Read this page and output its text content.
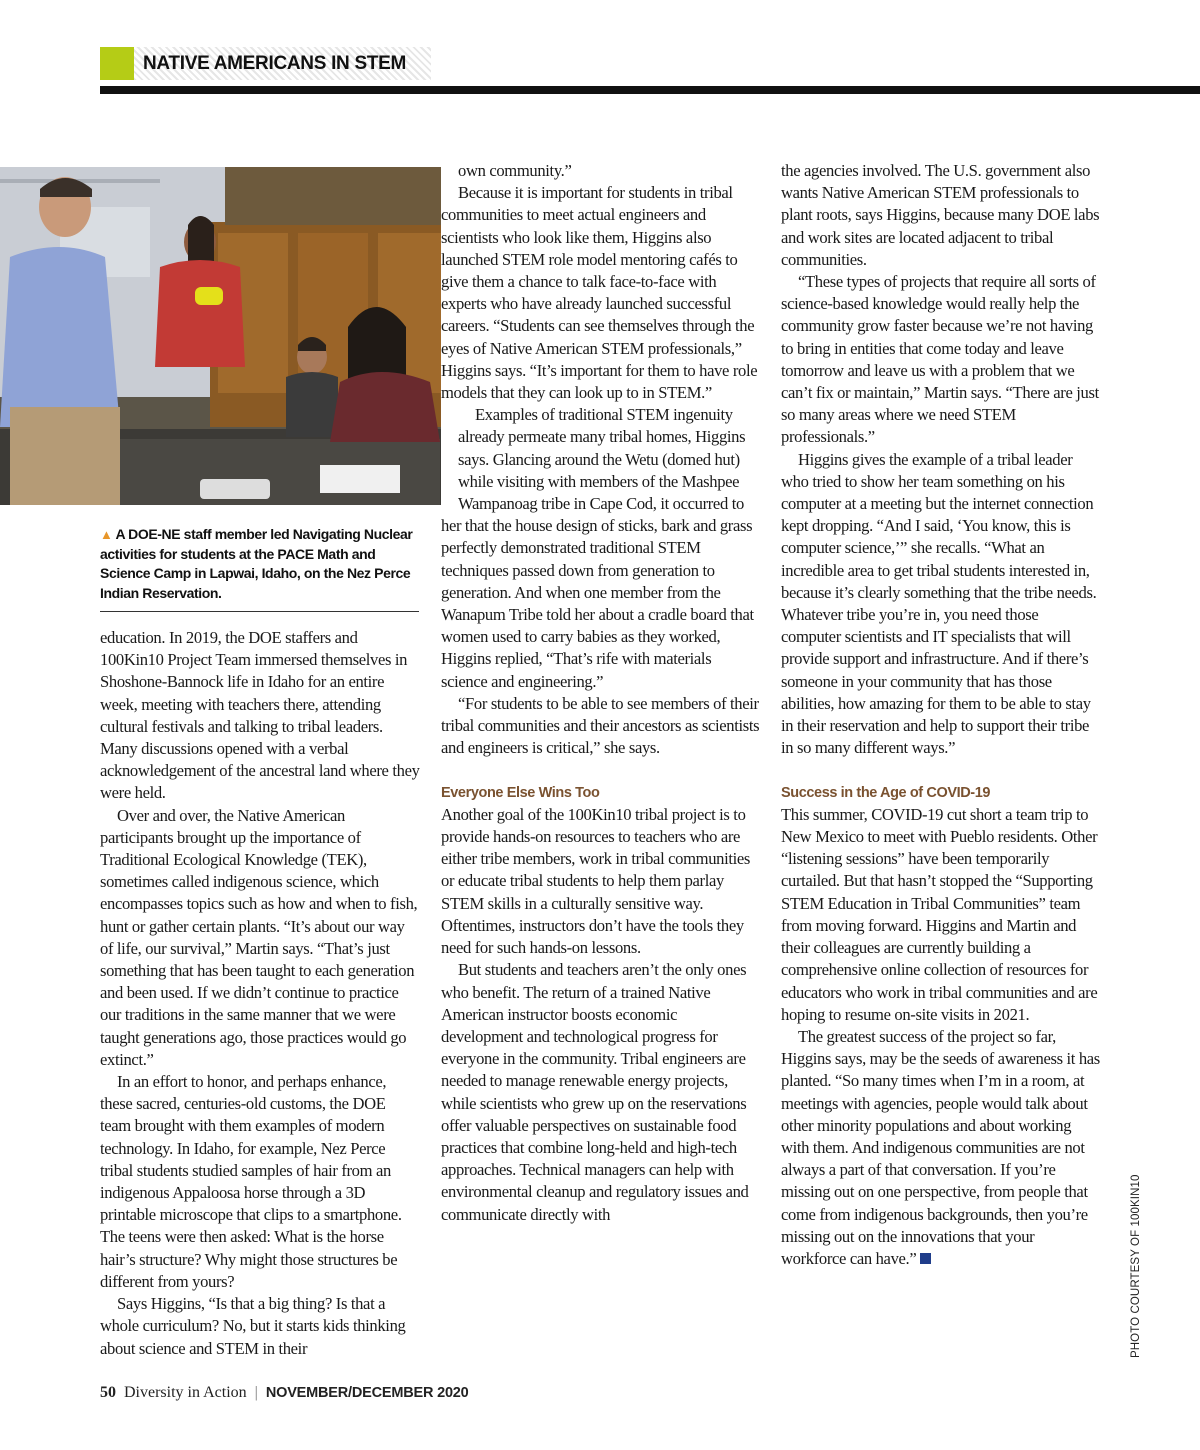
NATIVE AMERICANS IN STEM
▲ A DOE-NE staff member led Navigating Nuclear activities for students at the PACE Math and Science Camp in Lapwai, Idaho, on the Nez Perce Indian Reservation.

education. In 2019, the DOE staffers and 100Kin10 Project Team immersed themselves in Shoshone-Bannock life in Idaho for an entire week, meeting with teachers there, attending cultural festivals and talking to tribal leaders. Many discussions opened with a verbal acknowledgement of the ancestral land where they were held.

Over and over, the Native American participants brought up the importance of Traditional Ecological Knowledge (TEK), sometimes called indigenous science, which encompasses topics such as how and when to fish, hunt or gather certain plants. “It’s about our way of life, our survival,” Martin says. “That’s just something that has been taught to each generation and been used. If we didn’t continue to practice our traditions in the same manner that we were taught generations ago, those practices would go extinct.”

In an effort to honor, and perhaps enhance, these sacred, centuries-old customs, the DOE team brought with them examples of modern technology. In Idaho, for example, Nez Perce tribal students studied samples of hair from an indigenous Appaloosa horse through a 3D printable microscope that clips to a smartphone. The teens were then asked: What is the horse hair’s structure? Why might those structures be different from yours?

Says Higgins, “Is that a big thing? Is that a whole curriculum? No, but it starts kids thinking about science and STEM in their

own community.”

Because it is important for students in tribal communities to meet actual engineers and scientists who look like them, Higgins also launched STEM role model mentoring cafés to give them a chance to talk face-to-face with experts who have already launched successful careers. “Students can see themselves through the eyes of Native American STEM professionals,” Higgins says. “It’s important for them to have role models that they can look up to in STEM.”

Examples of traditional STEM ingenuity already permeate many tribal homes, Higgins says. Glancing around the Wetu (domed hut) while visiting with members of the Mashpee Wampanoag tribe in Cape Cod, it occurred to her that the house design of sticks, bark and grass perfectly demonstrated traditional STEM techniques passed down from generation to generation. And when one member from the Wanapum Tribe told her about a cradle board that women used to carry babies as they worked, Higgins replied, “That’s rife with materials science and engineering.”

“For students to be able to see members of their tribal communities and their ancestors as scientists and engineers is critical,” she says.

Everyone Else Wins Too

Another goal of the 100Kin10 tribal project is to provide hands-on resources to teachers who are either tribe members, work in tribal communities or educate tribal students to help them parlay STEM skills in a culturally sensitive way. Oftentimes, instructors don’t have the tools they need for such hands-on lessons.

But students and teachers aren’t the only ones who benefit. The return of a trained Native American instructor boosts economic development and technological progress for everyone in the community. Tribal engineers are needed to manage renewable energy projects, while scientists who grew up on the reservations offer valuable perspectives on sustainable food practices that combine long-held and high-tech approaches. Technical managers can help with environmental cleanup and regulatory issues and communicate directly with

the agencies involved. The U.S. government also wants Native American STEM professionals to plant roots, says Higgins, because many DOE labs and work sites are located adjacent to tribal communities.

“These types of projects that require all sorts of science-based knowledge would really help the community grow faster because we’re not having to bring in entities that come today and leave tomorrow and leave us with a problem that we can’t fix or maintain,” Martin says. “There are just so many areas where we need STEM professionals.”

Higgins gives the example of a tribal leader who tried to show her team something on his computer at a meeting but the internet connection kept dropping. “And I said, ‘You know, this is computer science,’” she recalls. “What an incredible area to get tribal students interested in, because it’s clearly something that the tribe needs. Whatever tribe you’re in, you need those computer scientists and IT specialists that will provide support and infrastructure. And if there’s someone in your community that has those abilities, how amazing for them to be able to stay in their reservation and help to support their tribe in so many different ways.”

Success in the Age of COVID-19

This summer, COVID-19 cut short a team trip to New Mexico to meet with Pueblo residents. Other “listening sessions” have been temporarily curtailed. But that hasn’t stopped the “Supporting STEM Education in Tribal Communities” team from moving forward. Higgins and Martin and their colleagues are currently building a comprehensive online collection of resources for educators who work in tribal communities and are hoping to resume on-site visits in 2021.

The greatest success of the project so far, Higgins says, may be the seeds of awareness it has planted. “So many times when I’m in a room, at meetings with agencies, people would talk about other minority populations and about working with them. And indigenous communities are not always a part of that conversation. If you’re missing out on one perspective, from people that come from indigenous backgrounds, then you’re missing out on the innovations that your workforce can have.”	PHOTO COURTESY OF 100KIN10
50 Diversity in Action | NOVEMBER/DECEMBER 2020
